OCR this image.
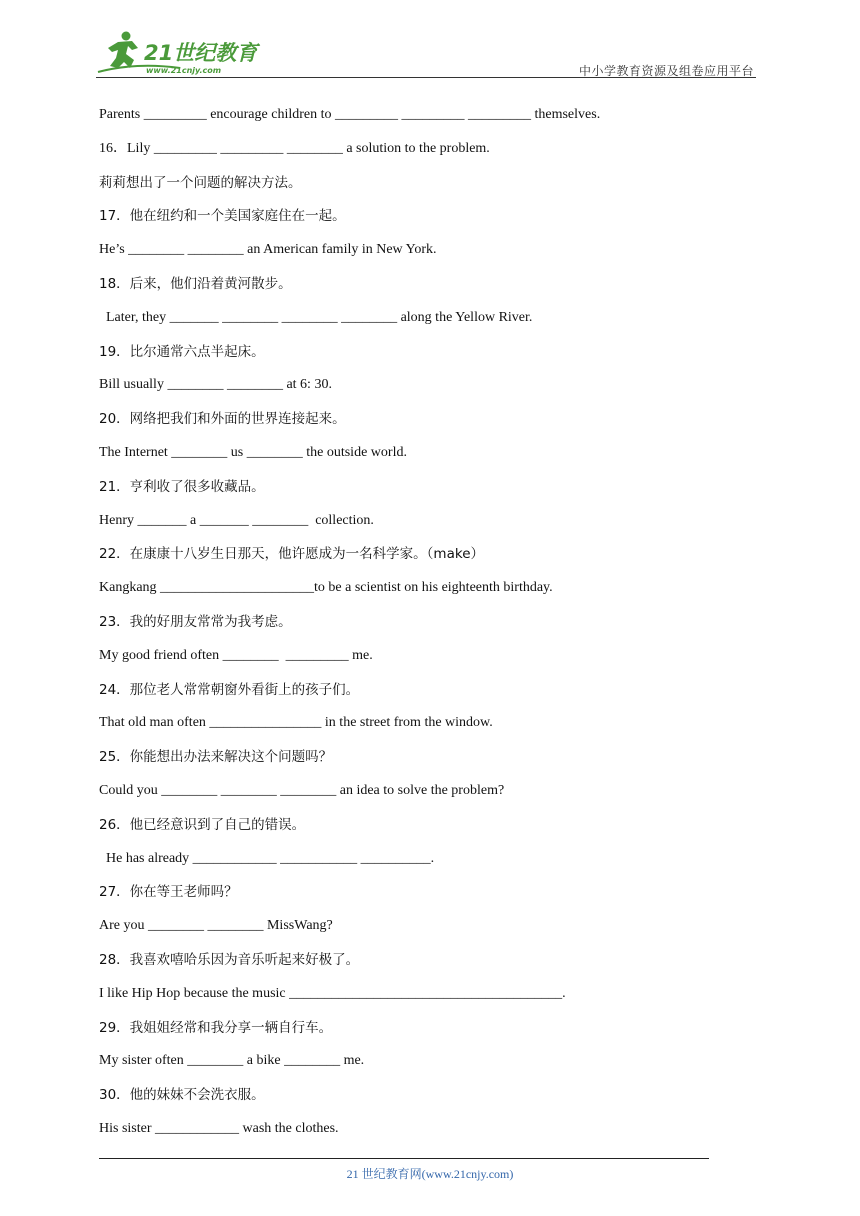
21世纪教育
www.21cnjy.com	中小学教育资源及组卷应用平台
Parents _________ encourage children to _________ _________ _________ themselves.
16．Lily _________ _________ ________ a solution to the problem.
莉莉想出了一个问题的解决方法。
17．他在纽约和一个美国家庭住在一起。
He’s ________ ________ an American family in New York.
18．后来，他们沿着黄河散步。
Later, they _______ ________ ________ ________ along the Yellow River.
19．比尔通常六点半起床。
Bill usually ________ ________ at 6: 30.
20．网络把我们和外面的世界连接起来。
The Internet ________ us ________ the outside world.
21．亨利收了很多收藏品。
Henry _______ a _______ ________  collection.
22．在康康十八岁生日那天，他许愿成为一名科学家。（make）
Kangkang ______________________to be a scientist on his eighteenth birthday.
23．我的好朋友常常为我考虑。
My good friend often ________  _________ me.
24．那位老人常常朝窗外看街上的孩子们。
That old man often ________________ in the street from the window.
25．你能想出办法来解决这个问题吗？
Could you ________ ________ ________ an idea to solve the problem?
26．他已经意识到了自己的错误。
He has already ____________ ___________ __________.
27．你在等王老师吗？
Are you ________ ________ MissWang?
28．我喜欢嘻哈乐因为音乐听起来好极了。
I like Hip Hop because the music _______________________________________.
29．我姐姐经常和我分享一辆自行车。
My sister often ________ a bike ________ me.
30．他的妹妹不会洗衣服。
His sister ____________ wash the clothes.
21 世纪教育网(www.21cnjy.com)
